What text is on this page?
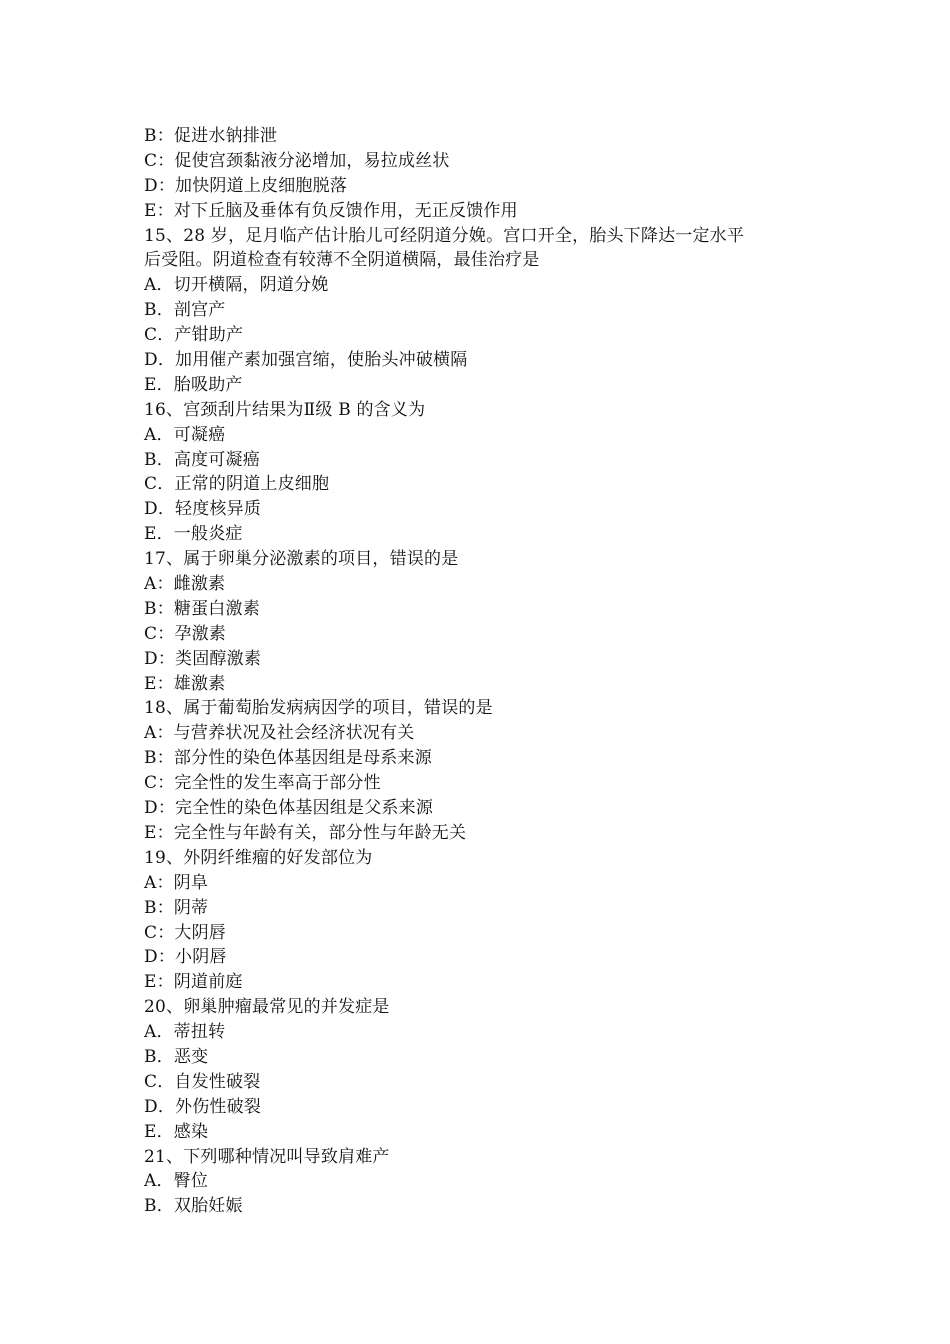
B：促进水钠排泄
C：促使宫颈黏液分泌增加，易拉成丝状
D：加快阴道上皮细胞脱落
E：对下丘脑及垂体有负反馈作用，无正反馈作用
15、28 岁，足月临产估计胎儿可经阴道分娩。宫口开全，胎头下降达一定水平
后受阻。阴道检查有较薄不全阴道横隔，最佳治疗是
A．切开横隔，阴道分娩
B．剖宫产
C．产钳助产
D．加用催产素加强宫缩，使胎头冲破横隔
E．胎吸助产
16、宫颈刮片结果为Ⅱ级 B 的含义为
A．可凝癌
B．高度可凝癌
C．正常的阴道上皮细胞
D．轻度核异质
E．一般炎症
17、属于卵巢分泌激素的项目，错误的是
A：雌激素
B：糖蛋白激素
C：孕激素
D：类固醇激素
E：雄激素
18、属于葡萄胎发病病因学的项目，错误的是
A：与营养状况及社会经济状况有关
B：部分性的染色体基因组是母系来源
C：完全性的发生率高于部分性
D：完全性的染色体基因组是父系来源
E：完全性与年龄有关，部分性与年龄无关
19、外阴纤维瘤的好发部位为
A：阴阜
B：阴蒂
C：大阴唇
D：小阴唇
E：阴道前庭
20、卵巢肿瘤最常见的并发症是
A．蒂扭转
B．恶变
C．自发性破裂
D．外伤性破裂
E．感染
21、下列哪种情况叫导致肩难产
A．臀位
B．双胎妊娠
